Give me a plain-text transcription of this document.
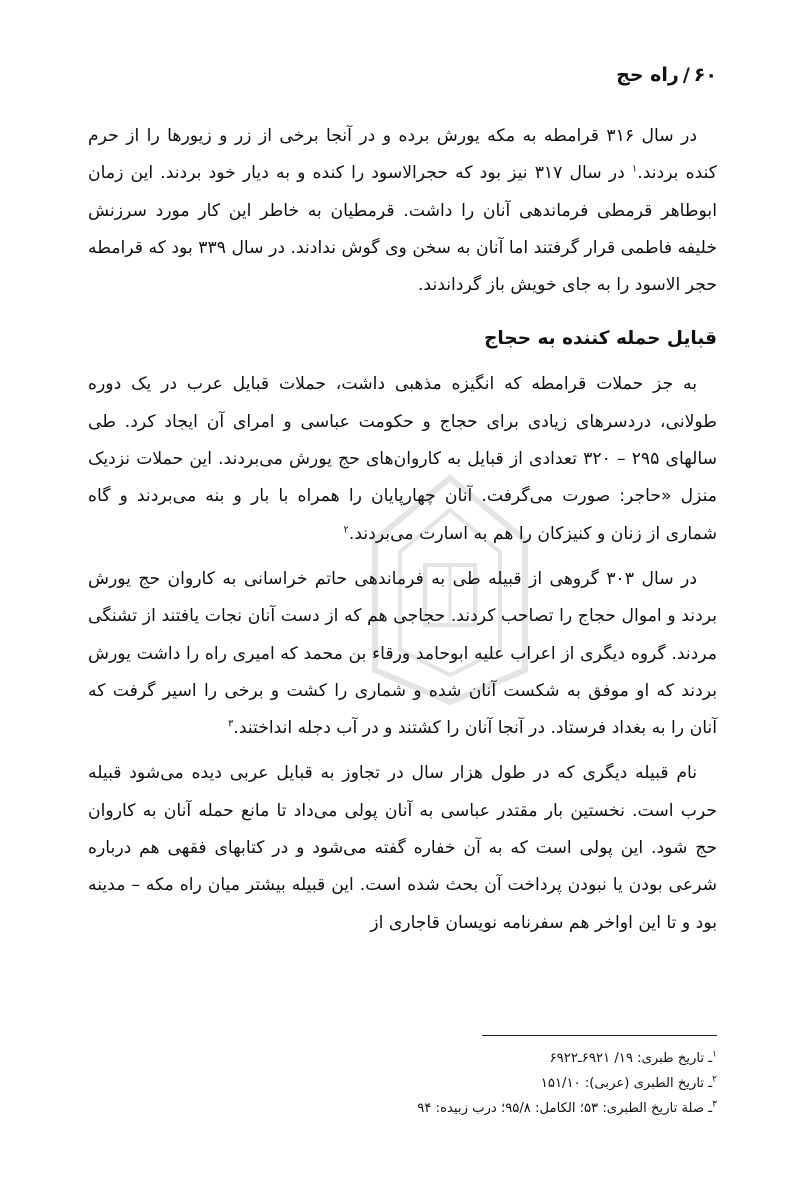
۶۰/راه حج

در سال ۳۱۶ قرامطه به مکه یورش برده و در آنجا برخی از زر و زیورها را از حرم کنده بردند.$^۱$ در سال ۳۱۷ نیز بود که حجرالاسود را کنده و به دیار خود بردند. این زمان ابوطاهر قرمطی فرماندهی آنان را داشت. قرمطیان به خاطر این کار مورد سرزنش خلیفه فاطمی قرار گرفتند اما آنان به سخن وی گوش ندادند. در سال ۳۳۹ بود که قرامطه حجر الاسود را به جای خویش باز گرداندند.

قبایل حمله کننده به حجاج

به جز حملات قرامطه که انگیزه مذهبی داشت، حملات قبایل عرب در یک دوره طولانی، دردسرهای زیادی برای حجاج و حکومت عباسی و امرای آن ایجاد کرد. طی سالهای ۲۹۵ – ۳۲۰ تعدادی از قبایل به کاروان‌های حج یورش می‌بردند. این حملات نزدیک منزل «حاجر: صورت می‌گرفت. آنان چهارپایان را همراه با بار و بنه می‌بردند و گاه شماری از زنان و کنیزکان را هم به اسارت می‌بردند.$^۲$

در سال ۳۰۳ گروهی از قبیله طی به فرماندهی حاتم خراسانی به کاروان حج یورش بردند و اموال حجاج را تصاحب کردند. حجاجی هم که از دست آنان نجات یافتند از تشنگی مردند. گروه دیگری از اعراب علیه ابوحامد ورقاء بن محمد که امیری راه را داشت یورش بردند که او موفق به شکست آنان شده و شماری را کشت و برخی را اسیر گرفت که آنان را به بغداد فرستاد. در آنجا آنان را کشتند و در آب دجله انداختند.$^۳$

نام قبیله دیگری که در طول هزار سال در تجاوز به قبایل عربی دیده می‌شود قبیله حرب است. نخستین بار مقتدر عباسی به آنان پولی می‌داد تا مانع حمله آنان به کاروان حج شود. این پولی است که به آن خفاره گفته می‌شود و در کتابهای فقهی هم درباره شرعی بودن یا نبودن پرداخت آن بحث شده است. این قبیله بیشتر میان راه مکه – مدینه بود و تا این اواخر هم سفرنامه نویسان قاجاری از

$^۱$ـ تاریخ طبری: ۱۹/ ۶۹۲۱ـ۶۹۲۲
$^۲$ـ تاریخ الطبری (عربی): ۱۵۱/۱۰
$^۳$ـ صلة تاریخ الطبری: ۵۳؛ الکامل: ۹۵/۸؛ درب زبیده: ۹۴
